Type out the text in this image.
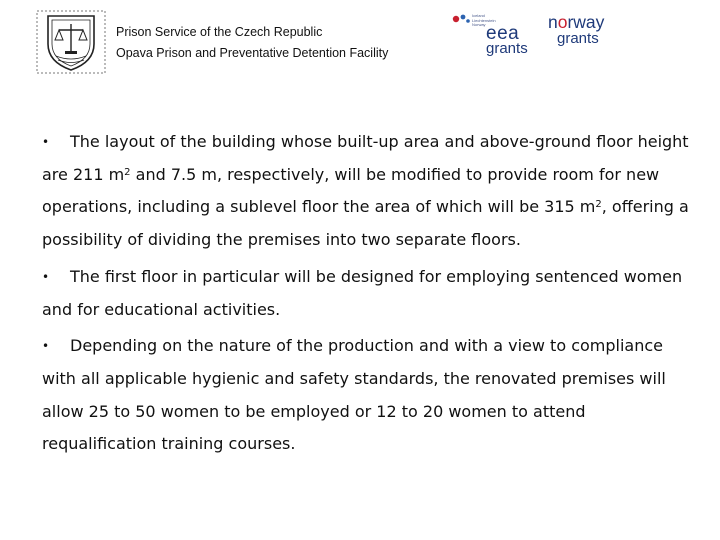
Prison Service of the Czech Republic
Opava Prison and Preventative Detention Facility
Iceland
Liechtenstein
Norway eea
grants
norway
grants

• The layout of the building whose built-up area and above-ground floor height are 211 $m^2$ and 7.5 m, respectively, will be modified to provide room for new operations, including a sublevel floor the area of which will be 315 $m^2$, offering a possibility of dividing the premises into two separate floors.

• The first floor in particular will be designed for employing sentenced women and for educational activities.

• Depending on the nature of the production and with a view to compliance with all applicable hygienic and safety standards, the renovated premises will allow 25 to 50 women to be employed or 12 to 20 women to attend requalification training courses.
